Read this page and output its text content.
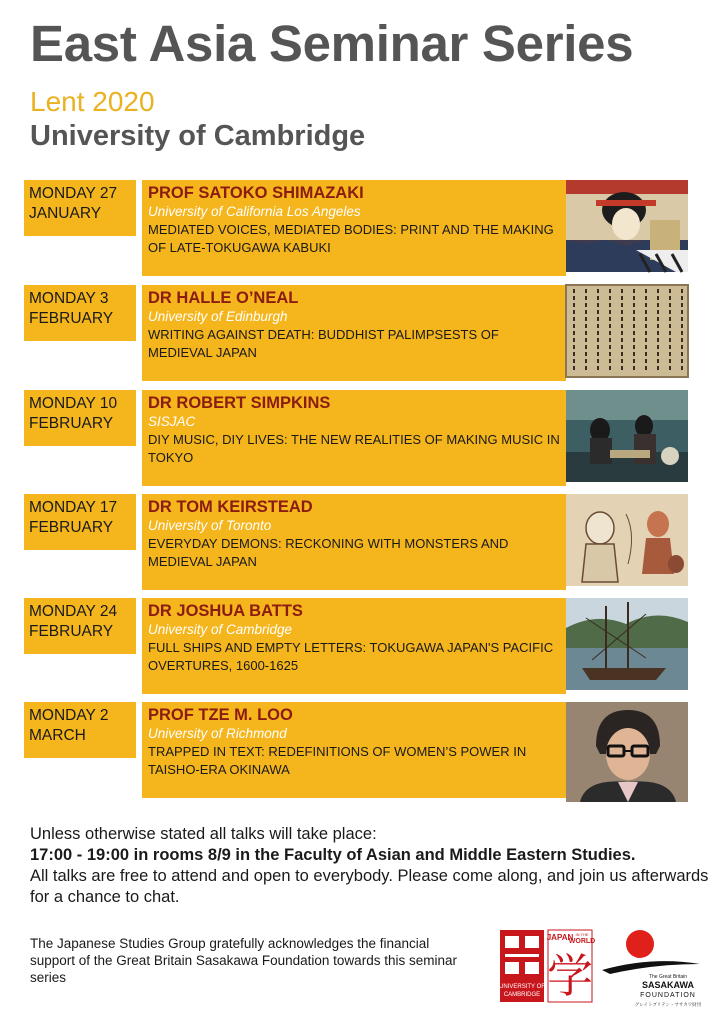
East Asia Seminar Series
Lent 2020
University of Cambridge
MONDAY 27
JANUARY
PROF SATOKO SHIMAZAKI
University of California Los Angeles
MEDIATED VOICES, MEDIATED BODIES: PRINT AND THE MAKING OF LATE-TOKUGAWA KABUKI
MONDAY 3
FEBRUARY
DR HALLE O’NEAL
University of Edinburgh
WRITING AGAINST DEATH: BUDDHIST PALIMPSESTS OF MEDIEVAL JAPAN
MONDAY 10
FEBRUARY
DR ROBERT SIMPKINS
SISJAC
DIY MUSIC, DIY LIVES: THE NEW REALITIES OF MAKING MUSIC IN TOKYO
MONDAY 17
FEBRUARY
DR TOM KEIRSTEAD
University of Toronto
EVERYDAY DEMONS: RECKONING WITH MONSTERS AND MEDIEVAL JAPAN
MONDAY 24
FEBRUARY
DR JOSHUA BATTS
University of Cambridge
FULL SHIPS AND EMPTY LETTERS: TOKUGAWA JAPAN'S PACIFIC OVERTURES, 1600-1625
MONDAY 2
MARCH
PROF TZE M. LOO
University of Richmond
TRAPPED IN TEXT: REDEFINITIONS OF WOMEN’S POWER IN TAISHO-ERA OKINAWA
Unless otherwise stated all talks will take place:
17:00 - 19:00 in rooms 8/9 in the Faculty of Asian and Middle Eastern Studies.
All talks are free to attend and open to everybody. Please come along, and join us afterwards for a chance to chat.
The Japanese Studies Group gratefully acknowledges the financial support of the Great Britain Sasakawa Foundation towards this seminar series
UNIVERSITY OF
CAMBRIDGE
JAPAN IN THE
WORLD
学	The Great Britain
SASAKAWA
FOUNDATION
グレイトブリテン・ササカワ財団
